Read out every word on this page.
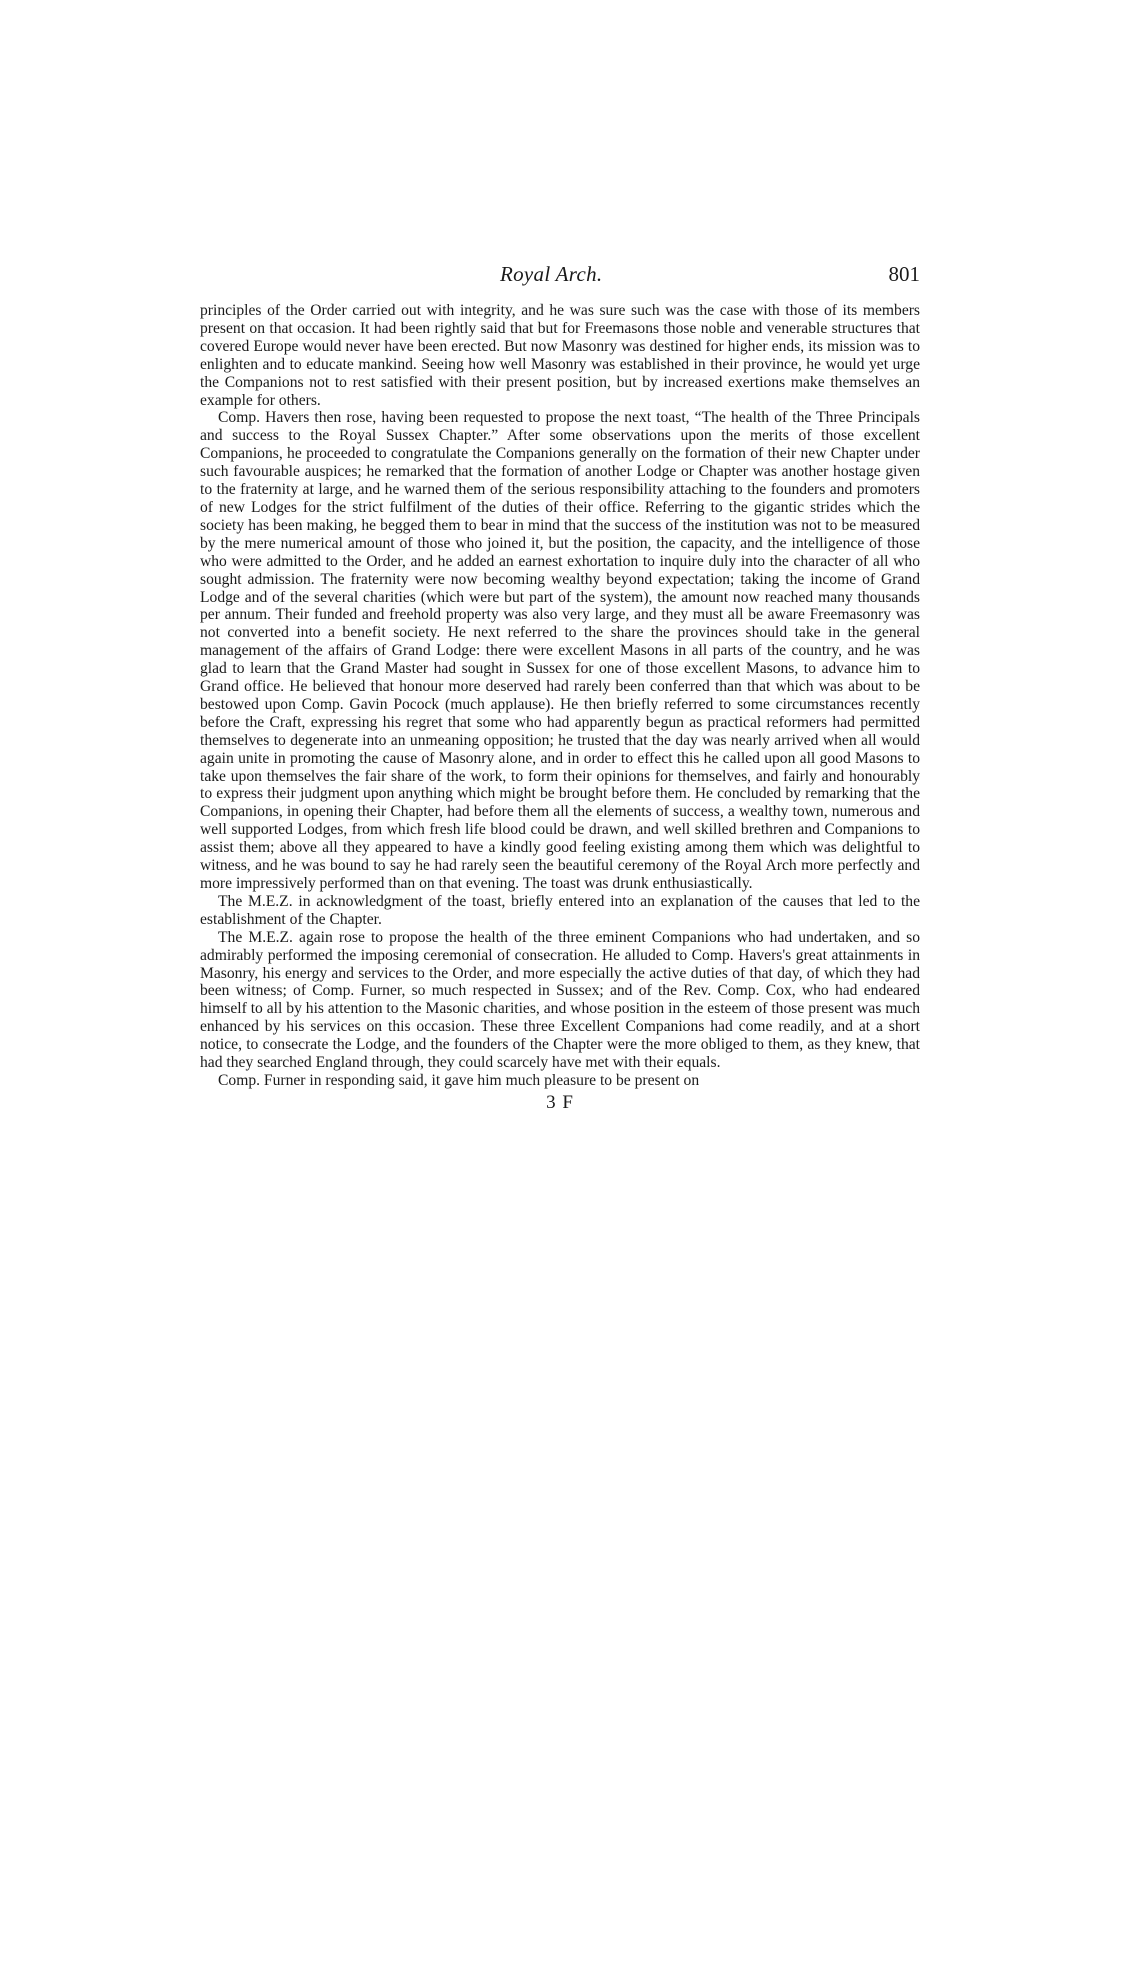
Royal Arch.	801

principles of the Order carried out with integrity, and he was sure such was the case with those of its members present on that occasion. It had been rightly said that but for Freemasons those noble and venerable structures that covered Europe would never have been erected. But now Masonry was destined for higher ends, its mission was to enlighten and to educate mankind. Seeing how well Masonry was established in their province, he would yet urge the Companions not to rest satisfied with their present position, but by increased exertions make themselves an example for others.

Comp. Havers then rose, having been requested to propose the next toast, “The health of the Three Principals and success to the Royal Sussex Chapter.” After some observations upon the merits of those excellent Companions, he proceeded to congratulate the Companions generally on the formation of their new Chapter under such favourable auspices; he remarked that the formation of another Lodge or Chapter was another hostage given to the fraternity at large, and he warned them of the serious responsibility attaching to the founders and promoters of new Lodges for the strict fulfilment of the duties of their office. Referring to the gigantic strides which the society has been making, he begged them to bear in mind that the success of the institution was not to be measured by the mere numerical amount of those who joined it, but the position, the capacity, and the intelligence of those who were admitted to the Order, and he added an earnest exhortation to inquire duly into the character of all who sought admission. The fraternity were now becoming wealthy beyond expectation; taking the income of Grand Lodge and of the several charities (which were but part of the system), the amount now reached many thousands per annum. Their funded and freehold property was also very large, and they must all be aware Freemasonry was not converted into a benefit society. He next referred to the share the provinces should take in the general management of the affairs of Grand Lodge: there were excellent Masons in all parts of the country, and he was glad to learn that the Grand Master had sought in Sussex for one of those excellent Masons, to advance him to Grand office. He believed that honour more deserved had rarely been conferred than that which was about to be bestowed upon Comp. Gavin Pocock (much applause). He then briefly referred to some circumstances recently before the Craft, expressing his regret that some who had apparently begun as practical reformers had permitted themselves to degenerate into an unmeaning opposition; he trusted that the day was nearly arrived when all would again unite in promoting the cause of Masonry alone, and in order to effect this he called upon all good Masons to take upon themselves the fair share of the work, to form their opinions for themselves, and fairly and honourably to express their judgment upon anything which might be brought before them. He concluded by remarking that the Companions, in opening their Chapter, had before them all the elements of success, a wealthy town, numerous and well supported Lodges, from which fresh life blood could be drawn, and well skilled brethren and Companions to assist them; above all they appeared to have a kindly good feeling existing among them which was delightful to witness, and he was bound to say he had rarely seen the beautiful ceremony of the Royal Arch more perfectly and more impressively performed than on that evening. The toast was drunk enthusiastically.

The M.E.Z. in acknowledgment of the toast, briefly entered into an explanation of the causes that led to the establishment of the Chapter.

The M.E.Z. again rose to propose the health of the three eminent Companions who had undertaken, and so admirably performed the imposing ceremonial of consecration. He alluded to Comp. Havers's great attainments in Masonry, his energy and services to the Order, and more especially the active duties of that day, of which they had been witness; of Comp. Furner, so much respected in Sussex; and of the Rev. Comp. Cox, who had endeared himself to all by his attention to the Masonic charities, and whose position in the esteem of those present was much enhanced by his services on this occasion. These three Excellent Companions had come readily, and at a short notice, to consecrate the Lodge, and the founders of the Chapter were the more obliged to them, as they knew, that had they searched England through, they could scarcely have met with their equals.

Comp. Furner in responding said, it gave him much pleasure to be present on

3 F
